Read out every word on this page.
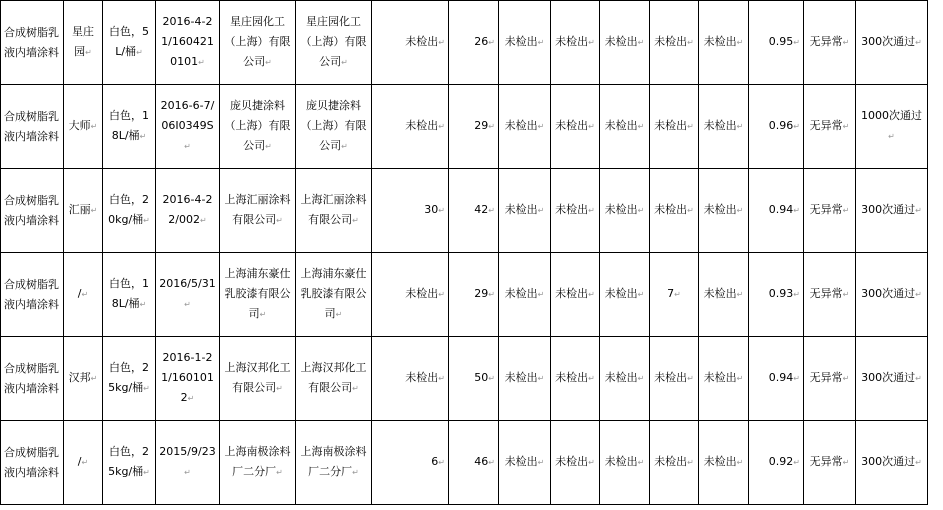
合成树脂乳液内墙涂料	星庄园↵	白色，5L/桶↵	2016-4-21/1604210101↵	星庄园化工（上海）有限公司↵	星庄园化工（上海）有限公司↵	未检出↵	26↵	未检出↵	未检出↵	未检出↵	未检出↵	未检出↵	0.95↵	无异常↵	300次通过↵
合成树脂乳液内墙涂料	大师↵	白色，18L/桶↵	2016-6-7/06I0349S↵	庞贝捷涂料（上海）有限公司↵	庞贝捷涂料（上海）有限公司↵	未检出↵	29↵	未检出↵	未检出↵	未检出↵	未检出↵	未检出↵	0.96↵	无异常↵	1000次通过↵
合成树脂乳液内墙涂料	汇丽↵	白色，20kg/桶↵	2016-4-22/002↵	上海汇丽涂料有限公司↵	上海汇丽涂料有限公司↵	30↵	42↵	未检出↵	未检出↵	未检出↵	未检出↵	未检出↵	0.94↵	无异常↵	300次通过↵
合成树脂乳液内墙涂料	/↵	白色，18L/桶↵	2016/5/31↵	上海浦东豪仕乳胶漆有限公司↵	上海浦东豪仕乳胶漆有限公司↵	未检出↵	29↵	未检出↵	未检出↵	未检出↵	7↵	未检出↵	0.93↵	无异常↵	300次通过↵
合成树脂乳液内墙涂料	汉邦↵	白色，25kg/桶↵	2016-1-21/1601012↵	上海汉邦化工有限公司↵	上海汉邦化工有限公司↵	未检出↵	50↵	未检出↵	未检出↵	未检出↵	未检出↵	未检出↵	0.94↵	无异常↵	300次通过↵
合成树脂乳液内墙涂料	/↵	白色，25kg/桶↵	2015/9/23↵	上海南极涂料厂二分厂↵	上海南极涂料厂二分厂↵	6↵	46↵	未检出↵	未检出↵	未检出↵	未检出↵	未检出↵	0.92↵	无异常↵	300次通过↵
